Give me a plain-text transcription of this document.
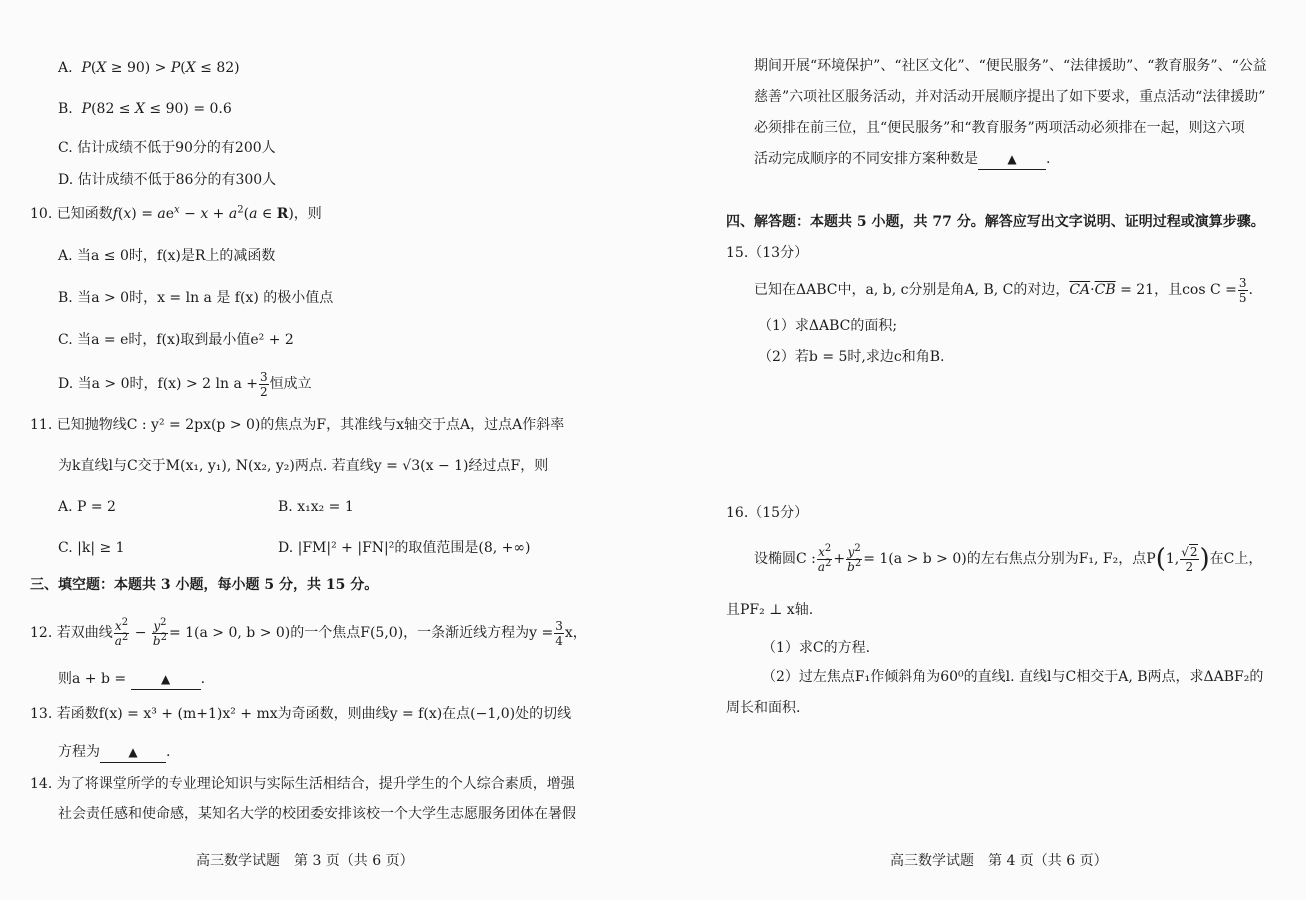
A. P(X ≥ 90) > P(X ≤ 82)
B. P(82 ≤ X ≤ 90) = 0.6
C. 估计成绩不低于90分的有200人
D. 估计成绩不低于86分的有300人
10. 已知函数$f(x) = ae^x - x + a^2(a$ ∈ R)，则
A. 当a ≤ 0时，f(x)是R上的减函数
B. 当a > 0时，x = ln a 是 f(x) 的极小值点
C. 当a = e时，f(x)取到最小值e² + 2
D. 当a > 0时，f(x) > 2 $\ln a + \frac{3}{2}$ 恒成立
11. 已知抛物线C : y² = 2px(p > 0)的焦点为F，其准线与x轴交于点A，过点A作斜率
为k直线l与C交于M(x₁, y₁), N(x₂, y₂)两点. 若直线y = √3(x − 1)经过点F，则
A. P = 2	B. x₁x₂ = 1
C. |k| ≥ 1	D. |FM|² + |FN|²的取值范围是(8, +∞)
三、填空题：本题共 3 小题，每小题 5 分，共 15 分。
12. 若双曲线 $\frac{x^2}{a^2} - \frac{y^2}{b^2} = 1(a > 0$, b > 0)的一个焦点F(5,0)，一条渐近线方程为$y = \frac{3}{4}$ x，
则a + b =	▲ .
13. 若函数f(x) = x³ + (m+1)x² + mx为奇函数，则曲线y = f(x)在点(−1,0)处的切线
方程为 ▲ .
14. 为了将课堂所学的专业理论知识与实际生活相结合，提升学生的个人综合素质，增强
社会责任感和使命感，某知名大学的校团委安排该校一个大学生志愿服务团体在暑假
高三数学试题　第 3 页（共 6 页）
期间开展“环境保护”、“社区文化”、“便民服务”、“法律援助”、“教育服务”、“公益
慈善”六项社区服务活动，并对活动开展顺序提出了如下要求，重点活动“法律援助”
必须排在前三位，且“便民服务”和“教育服务”两项活动必须排在一起，则这六项
活动完成顺序的不同安排方案种数是 ▲ .
四、解答题：本题共 5 小题，共 77 分。解答应写出文字说明、证明过程或演算步骤。
15.（13分）
已知在ΔABC中，a, b, c分别是角A, B, C的对边，$\overline{CA}\cdot\overline{CB} = 21$，且$\cos C = \frac{3}{5}$ .
（1）求ΔABC的面积;
（2）若b = 5时,求边c和角B.
16.（15分）
设椭圆C : $\frac{x^2}{a^2} + \frac{y^2}{b^2} = 1(a > b > 0)$的左右焦点分别为F₁, F₂，点P(1, $\frac{√2}{2}$ )在C上，
且PF₂ ⊥ x轴.
（1）求C的方程.
（2）过左焦点F₁作倾斜角为60⁰的直线l. 直线l与C相交于A, B两点，求ΔABF₂的
周长和面积.
高三数学试题　第 4 页（共 6 页）
